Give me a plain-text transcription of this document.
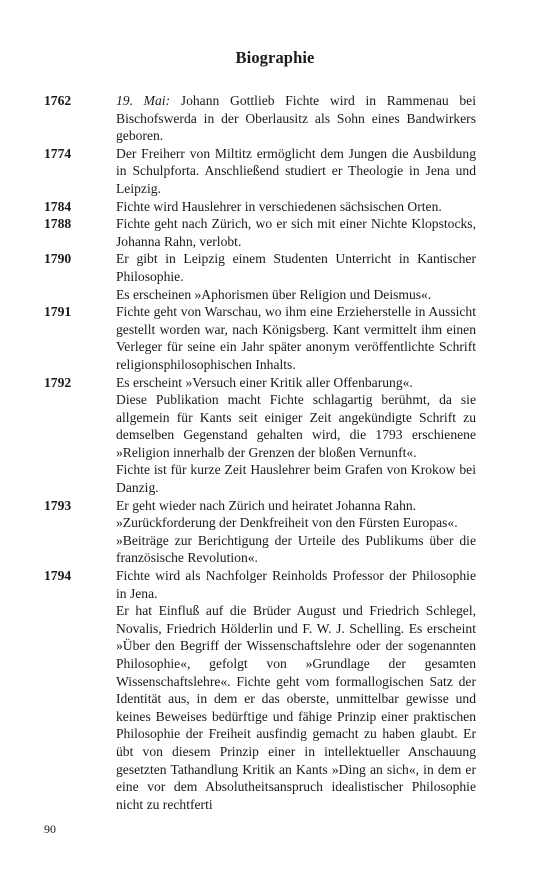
Biographie
1762	19. Mai: Johann Gottlieb Fichte wird in Rammenau bei Bischofswerda in der Oberlausitz als Sohn eines Bandwirkers geboren.
1774	Der Freiherr von Miltitz ermöglicht dem Jungen die Ausbildung in Schulpforta. Anschließend studiert er Theologie in Jena und Leipzig.
1784	Fichte wird Hauslehrer in verschiedenen sächsischen Orten.
1788	Fichte geht nach Zürich, wo er sich mit einer Nichte Klopstocks, Johanna Rahn, verlobt.
1790	Er gibt in Leipzig einem Studenten Unterricht in Kantischer Philosophie.
Es erscheinen »Aphorismen über Religion und Deismus«.
1791	Fichte geht von Warschau, wo ihm eine Erzieherstelle in Aussicht gestellt worden war, nach Königsberg. Kant vermittelt ihm einen Verleger für seine ein Jahr später anonym veröffentlichte Schrift religionsphilosophischen Inhalts.
1792	Es erscheint »Versuch einer Kritik aller Offenbarung«.
Diese Publikation macht Fichte schlagartig berühmt, da sie allgemein für Kants seit einiger Zeit angekündigte Schrift zu demselben Gegenstand gehalten wird, die 1793 erschienene »Religion innerhalb der Grenzen der bloßen Vernunft«.
Fichte ist für kurze Zeit Hauslehrer beim Grafen von Krokow bei Danzig.
1793	Er geht wieder nach Zürich und heiratet Johanna Rahn.
»Zurückforderung der Denkfreiheit von den Fürsten Europas«.
»Beiträge zur Berichtigung der Urteile des Publikums über die französische Revolution«.
1794	Fichte wird als Nachfolger Reinholds Professor der Philosophie in Jena.
Er hat Einfluß auf die Brüder August und Friedrich Schlegel, Novalis, Friedrich Hölderlin und F. W. J. Schelling. Es erscheint »Über den Begriff der Wissenschaftslehre oder der sogenannten Philosophie«, gefolgt von »Grundlage der gesamten Wissenschaftslehre«. Fichte geht vom formallogischen Satz der Identität aus, in dem er das oberste, unmittelbar gewisse und keines Beweises bedürftige und fähige Prinzip einer praktischen Philosophie der Freiheit ausfindig gemacht zu haben glaubt. Er übt von diesem Prinzip einer in intellektueller Anschauung gesetzten Tathandlung Kritik an Kants »Ding an sich«, in dem er eine vor dem Absolutheitsanspruch idealistischer Philosophie nicht zu rechtferti
90
